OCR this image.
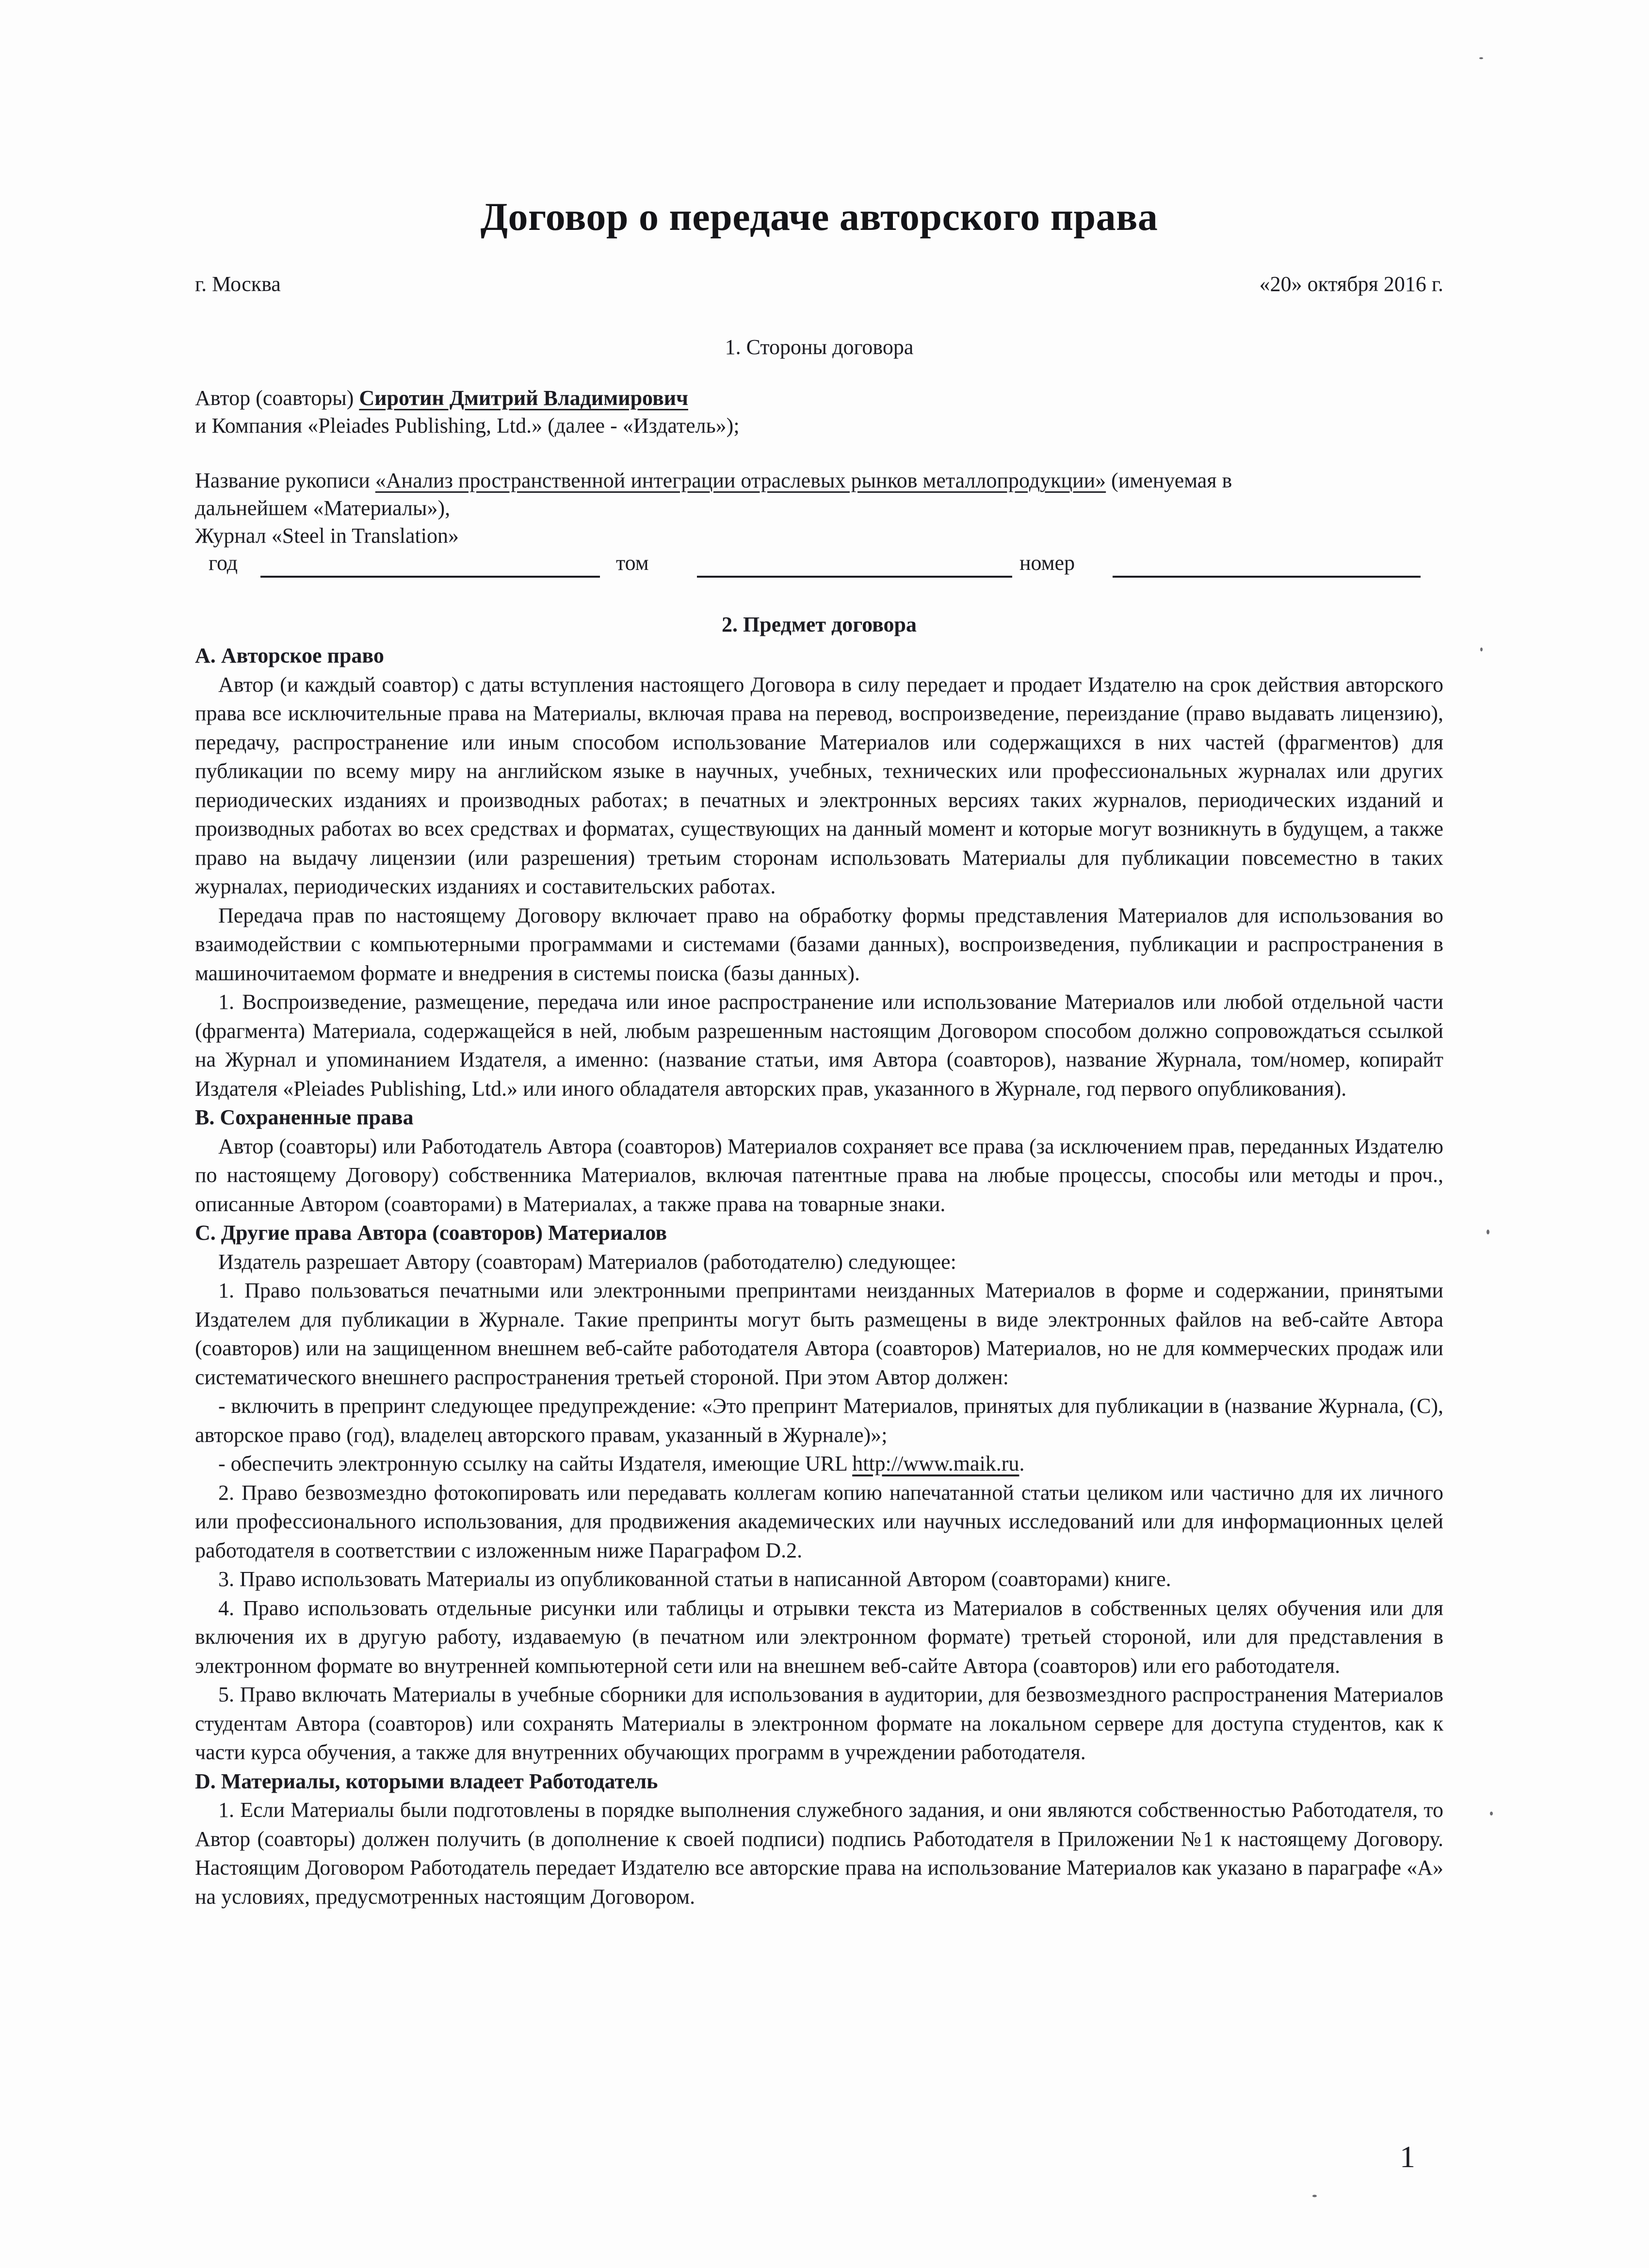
Договор о передаче авторского права
г. Москва	«20» октября 2016 г.
1. Стороны договора
Автор (соавторы) Сиротин Дмитрий Владимирович
и Компания «Pleiades Publishing, Ltd.» (далее - «Издатель»);
Название рукописи «Анализ пространственной интеграции отраслевых рынков металлопродукции» (именуемая в
дальнейшем «Материалы»),
Журнал «Steel in Translation»
год	том	номер
2. Предмет договора
A. Авторское право

Автор (и каждый соавтор) с даты вступления настоящего Договора в силу передает и продает Издателю на срок действия авторского права все исключительные права на Материалы, включая права на перевод, воспроизведение, переиздание (право выдавать лицензию), передачу, распространение или иным способом использование Материалов или содержащихся в них частей (фрагментов) для публикации по всему миру на английском языке в научных, учебных, технических или профессиональных журналах или других периодических изданиях и производных работах; в печатных и электронных версиях таких журналов, периодических изданий и производных работах во всех средствах и форматах, существующих на данный момент и которые могут возникнуть в будущем, а также право на выдачу лицензии (или разрешения) третьим сторонам использовать Материалы для публикации повсеместно в таких журналах, периодических изданиях и составительских работах.

Передача прав по настоящему Договору включает право на обработку формы представления Материалов для использования во взаимодействии с компьютерными программами и системами (базами данных), воспроизведения, публикации и распространения в машиночитаемом формате и внедрения в системы поиска (базы данных).

1. Воспроизведение, размещение, передача или иное распространение или использование Материалов или любой отдельной части (фрагмента) Материала, содержащейся в ней, любым разрешенным настоящим Договором способом должно сопровождаться ссылкой на Журнал и упоминанием Издателя, а именно: (название статьи, имя Автора (соавторов), название Журнала, том/номер, копирайт Издателя «Pleiades Publishing, Ltd.» или иного обладателя авторских прав, указанного в Журнале, год первого опубликования).

B. Сохраненные права

Автор (соавторы) или Работодатель Автора (соавторов) Материалов сохраняет все права (за исключением прав, переданных Издателю по настоящему Договору) собственника Материалов, включая патентные права на любые процессы, способы или методы и проч., описанные Автором (соавторами) в Материалах, а также права на товарные знаки.

C. Другие права Автора (соавторов) Материалов

Издатель разрешает Автору (соавторам) Материалов (работодателю) следующее:

1. Право пользоваться печатными или электронными препринтами неизданных Материалов в форме и содержании, принятыми Издателем для публикации в Журнале. Такие препринты могут быть размещены в виде электронных файлов на веб-сайте Автора (соавторов) или на защищенном внешнем веб-сайте работодателя Автора (соавторов) Материалов, но не для коммерческих продаж или систематического внешнего распространения третьей стороной. При этом Автор должен:

- включить в препринт следующее предупреждение: «Это препринт Материалов, принятых для публикации в (название Журнала, (C), авторское право (год), владелец авторского правам, указанный в Журнале)»;

- обеспечить электронную ссылку на сайты Издателя, имеющие URL http://www.maik.ru.

2. Право безвозмездно фотокопировать или передавать коллегам копию напечатанной статьи целиком или частично для их личного или профессионального использования, для продвижения академических или научных исследований или для информационных целей работодателя в соответствии с изложенным ниже Параграфом D.2.

3. Право использовать Материалы из опубликованной статьи в написанной Автором (соавторами) книге.

4. Право использовать отдельные рисунки или таблицы и отрывки текста из Материалов в собственных целях обучения или для включения их в другую работу, издаваемую (в печатном или электронном формате) третьей стороной, или для представления в электронном формате во внутренней компьютерной сети или на внешнем веб-сайте Автора (соавторов) или его работодателя.

5. Право включать Материалы в учебные сборники для использования в аудитории, для безвозмездного распространения Материалов студентам Автора (соавторов) или сохранять Материалы в электронном формате на локальном сервере для доступа студентов, как к части курса обучения, а также для внутренних обучающих программ в учреждении работодателя.

D. Материалы, которыми владеет Работодатель

1. Если Материалы были подготовлены в порядке выполнения служебного задания, и они являются собственностью Работодателя, то Автор (соавторы) должен получить (в дополнение к своей подписи) подпись Работодателя в Приложении №1 к настоящему Договору. Настоящим Договором Работодатель передает Издателю все авторские права на использование Материалов как указано в параграфе «А» на условиях, предусмотренных настоящим Договором.

1
